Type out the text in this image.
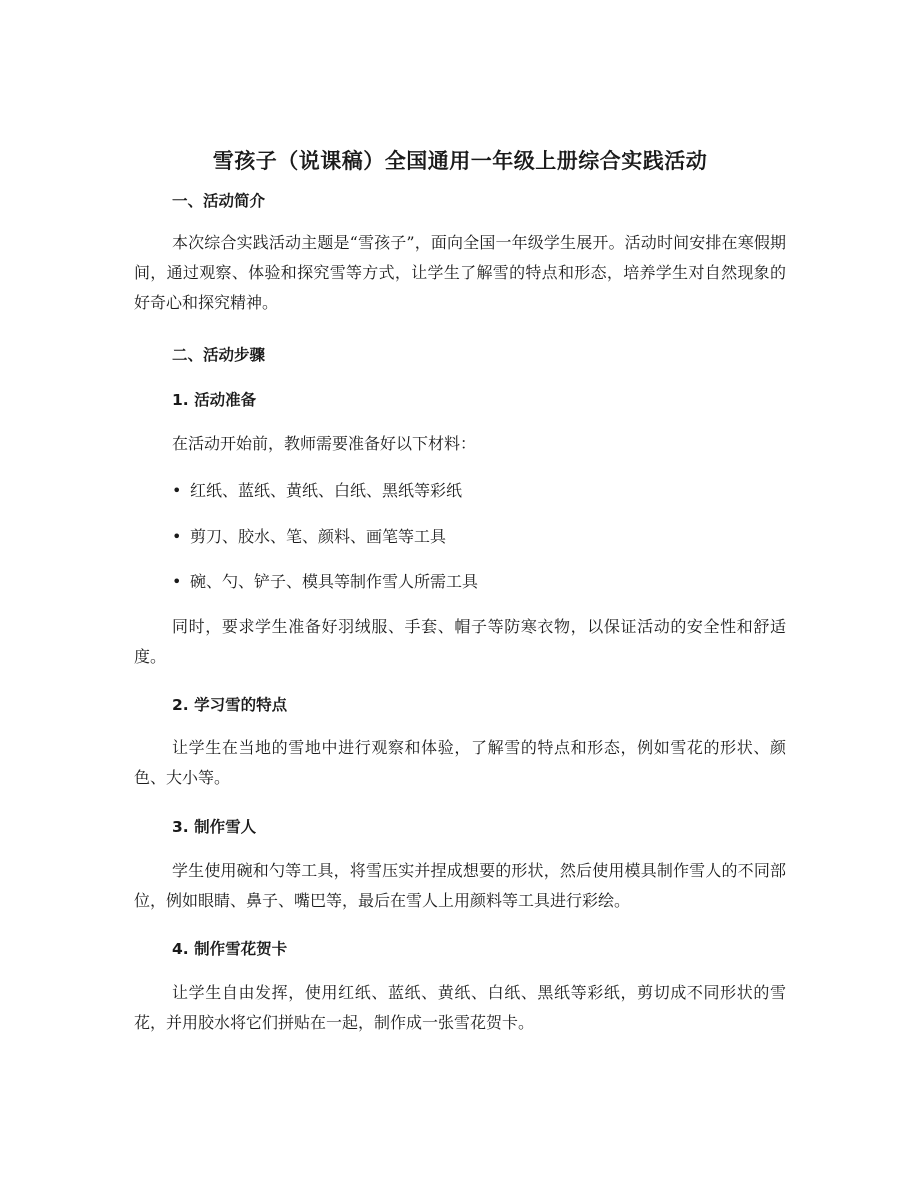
雪孩子（说课稿）全国通用一年级上册综合实践活动
一、活动简介
本次综合实践活动主题是“雪孩子”，面向全国一年级学生展开。活动时间安排在寒假期间，通过观察、体验和探究雪等方式，让学生了解雪的特点和形态，培养学生对自然现象的好奇心和探究精神。
二、活动步骤
1. 活动准备
在活动开始前，教师需要准备好以下材料：
• 红纸、蓝纸、黄纸、白纸、黑纸等彩纸
• 剪刀、胶水、笔、颜料、画笔等工具
• 碗、勺、铲子、模具等制作雪人所需工具
同时，要求学生准备好羽绒服、手套、帽子等防寒衣物，以保证活动的安全性和舒适度。
2. 学习雪的特点
让学生在当地的雪地中进行观察和体验，了解雪的特点和形态，例如雪花的形状、颜色、大小等。
3. 制作雪人
学生使用碗和勺等工具，将雪压实并捏成想要的形状，然后使用模具制作雪人的不同部位，例如眼睛、鼻子、嘴巴等，最后在雪人上用颜料等工具进行彩绘。
4. 制作雪花贺卡
让学生自由发挥，使用红纸、蓝纸、黄纸、白纸、黑纸等彩纸，剪切成不同形状的雪花，并用胶水将它们拼贴在一起，制作成一张雪花贺卡。
